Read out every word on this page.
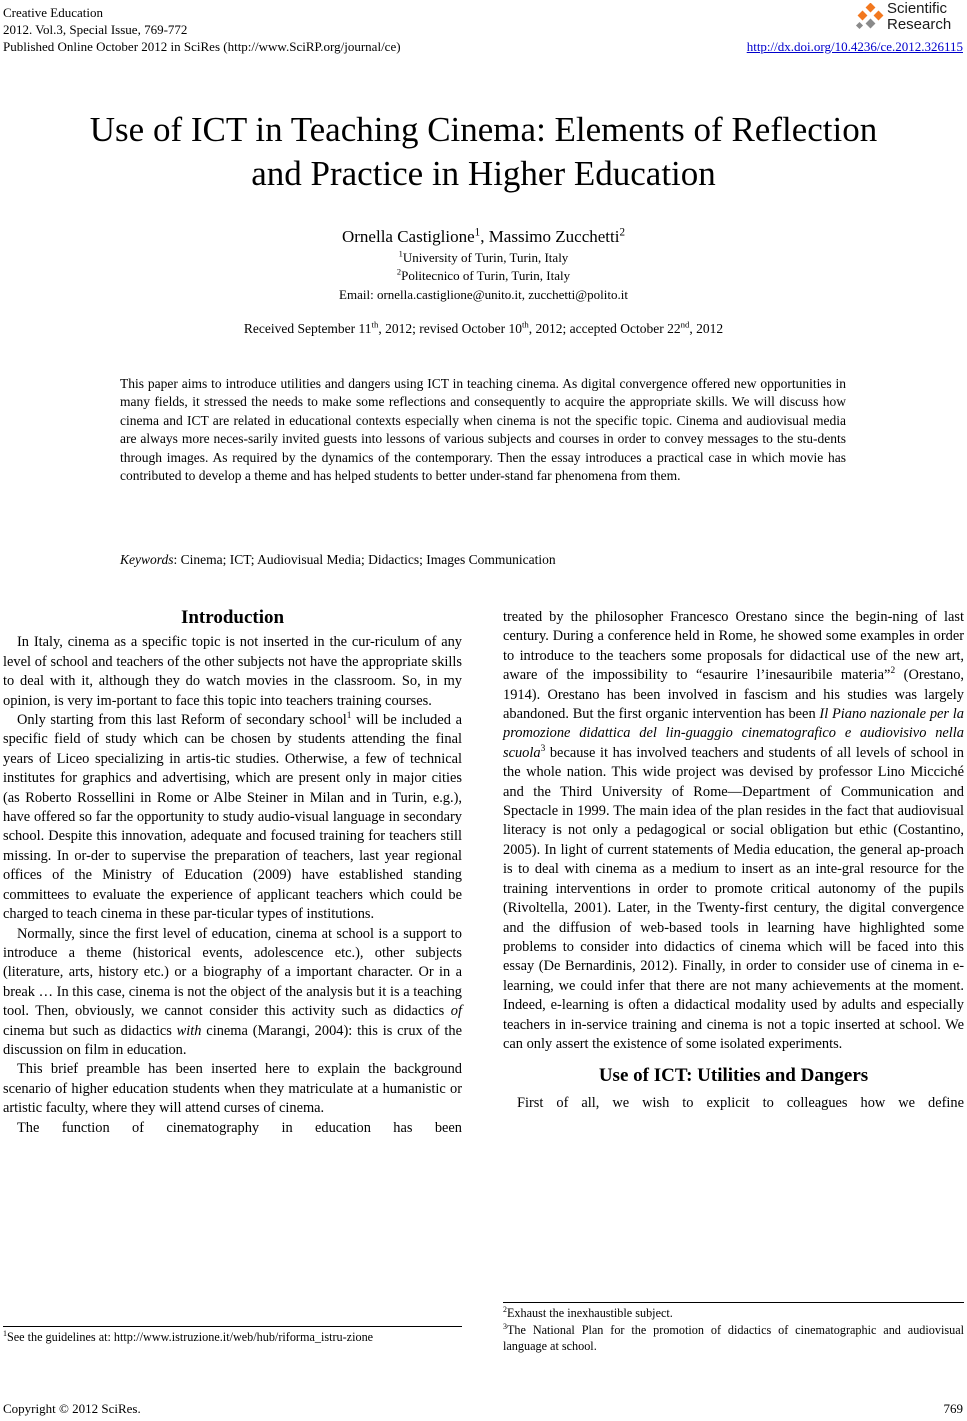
Creative Education
2012. Vol.3, Special Issue, 769-772
Published Online October 2012 in SciRes (http://www.SciRP.org/journal/ce)	http://dx.doi.org/10.4236/ce.2012.326115
Scientific
Research
Use of ICT in Teaching Cinema: Elements of Reflection
and Practice in Higher Education
Ornella Castiglione$^1$, Massimo Zucchetti$^2$
$^1$University of Turin, Turin, Italy
$^2$Politecnico of Turin, Turin, Italy
Email: ornella.castiglione@unito.it, zucchetti@polito.it
Received September 11th, 2012; revised October 10th, 2012; accepted October 22nd, 2012
This paper aims to introduce utilities and dangers using ICT in teaching cinema. As digital convergence offered new opportunities in many fields, it stressed the needs to make some reflections and consequently to acquire the appropriate skills. We will discuss how cinema and ICT are related in educational contexts especially when cinema is not the specific topic. Cinema and audiovisual media are always more neces-sarily invited guests into lessons of various subjects and courses in order to convey messages to the stu-dents through images. As required by the dynamics of the contemporary. Then the essay introduces a practical case in which movie has contributed to develop a theme and has helped students to better under-stand far phenomena from them.
Keywords: Cinema; ICT; Audiovisual Media; Didactics; Images Communication
Introduction

In Italy, cinema as a specific topic is not inserted in the cur-riculum of any level of school and teachers of the other subjects not have the appropriate skills to deal with it, although they do watch movies in the classroom. So, in my opinion, is very im-portant to face this topic into teachers training courses.

Only starting from this last Reform of secondary school$^1$ will be included a specific field of study which can be chosen by students attending the final years of Liceo specializing in artis-tic studies. Otherwise, a few of technical institutes for graphics and advertising, which are present only in major cities (as Roberto Rossellini in Rome or Albe Steiner in Milan and in Turin, e.g.), have offered so far the opportunity to study audio-visual language in secondary school. Despite this innovation, adequate and focused training for teachers still missing. In or-der to supervise the preparation of teachers, last year regional offices of the Ministry of Education (2009) have established standing committees to evaluate the experience of applicant teachers which could be charged to teach cinema in these par-ticular types of institutions.

Normally, since the first level of education, cinema at school is a support to introduce a theme (historical events, adolescence etc.), other subjects (literature, arts, history etc.) or a biography of a important character. Or in a break … In this case, cinema is not the object of the analysis but it is a teaching tool. Then, obviously, we cannot consider this activity such as didactics of cinema but such as didactics with cinema (Marangi, 2004): this is crux of the discussion on film in education.

This brief preamble has been inserted here to explain the background scenario of higher education students when they matriculate at a humanistic or artistic faculty, where they will attend curses of cinema.

The function of cinematography in education has been

$^1$See the guidelines at: http://www.istruzione.it/web/hub/riforma_istru-zione

treated by the philosopher Francesco Orestano since the begin-ning of last century. During a conference held in Rome, he showed some examples in order to introduce to the teachers some proposals for didactical use of the new art, aware of the impossibility to “esaurire l’inesauribile materia”$^2$ (Orestano, 1914). Orestano has been involved in fascism and his studies was largely abandoned. But the first organic intervention has been Il Piano nazionale per la promozione didattica del lin-guaggio cinematografico e audiovisivo nella scuola$^3$ because it has involved teachers and students of all levels of school in the whole nation. This wide project was devised by professor Lino Micciché and the Third University of Rome—Department of Communication and Spectacle in 1999. The main idea of the plan resides in the fact that audiovisual literacy is not only a pedagogical or social obligation but ethic (Costantino, 2005). In light of current statements of Media education, the general ap-proach is to deal with cinema as a medium to insert as an inte-gral resource for the training interventions in order to promote critical autonomy of the pupils (Rivoltella, 2001). Later, in the Twenty-first century, the digital convergence and the diffusion of web-based tools in learning have highlighted some problems to consider into didactics of cinema which will be faced into this essay (De Bernardinis, 2012). Finally, in order to consider use of cinema in e-learning, we could infer that there are not many achievements at the moment. Indeed, e-learning is often a didactical modality used by adults and especially teachers in in-service training and cinema is not a topic inserted at school. We can only assert the existence of some isolated experiments.

Use of ICT: Utilities and Dangers

First of all, we wish to explicit to colleagues how we define

$^2$Exhaust the inexhaustible subject.
$^3$The National Plan for the promotion of didactics of cinematographic and audiovisual language at school.
Copyright © 2012 SciRes.	769
